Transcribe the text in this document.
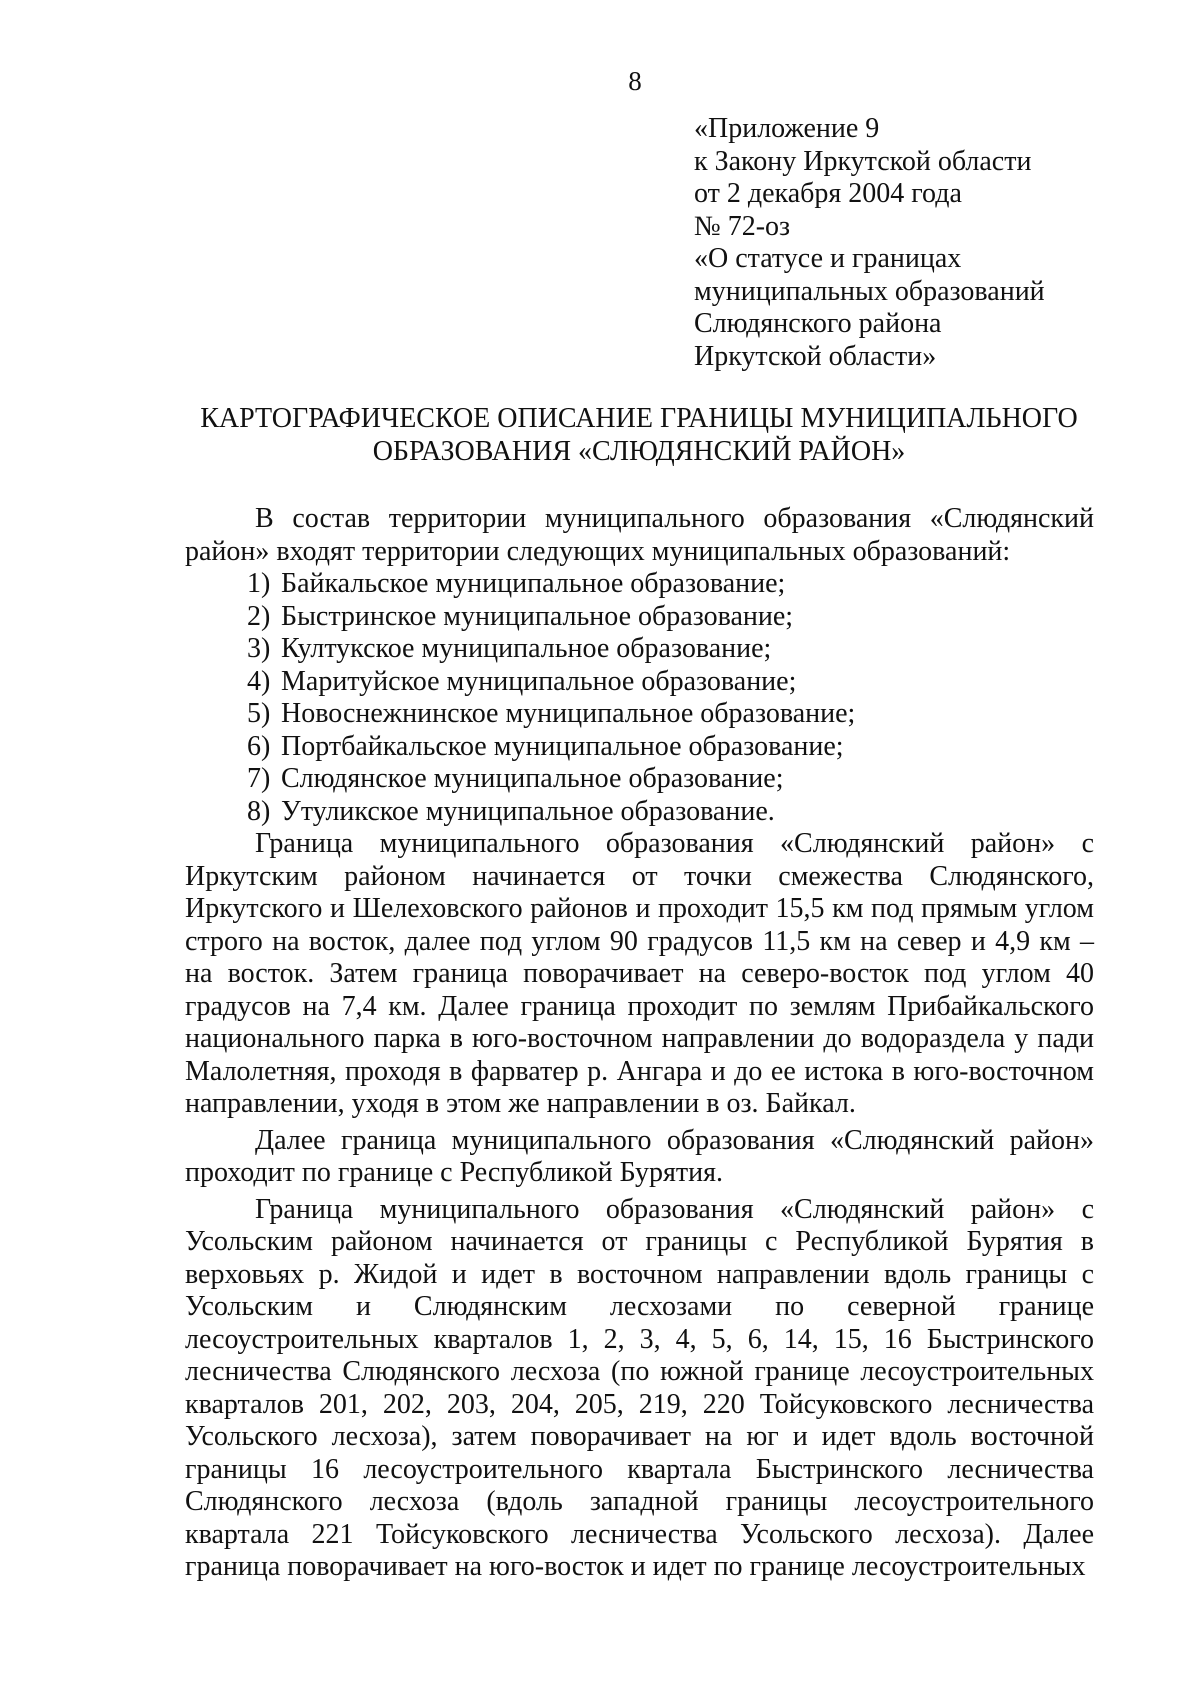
8
«Приложение 9
к Закону Иркутской области
от 2 декабря 2004 года
№ 72-оз
«О статусе и границах
муниципальных образований
Слюдянского района
Иркутской области»
КАРТОГРАФИЧЕСКОЕ ОПИСАНИЕ ГРАНИЦЫ МУНИЦИПАЛЬНОГО
ОБРАЗОВАНИЯ «СЛЮДЯНСКИЙ РАЙОН»

В состав территории муниципального образования «Слюдянский район» входят территории следующих муниципальных образований:

1) Байкальское муниципальное образование;
2) Быстринское муниципальное образование;
3) Култукское муниципальное образование;
4) Маритуйское муниципальное образование;
5) Новоснежнинское муниципальное образование;
6) Портбайкальское муниципальное образование;
7) Слюдянское муниципальное образование;
8) Утуликское муниципальное образование.

Граница муниципального образования «Слюдянский район» с Иркутским районом начинается от точки смежества Слюдянского, Иркутского и Шелеховского районов и проходит 15,5 км под прямым углом строго на восток, далее под углом 90 градусов 11,5 км на север и 4,9 км – на восток. Затем граница поворачивает на северо-восток под углом 40 градусов на 7,4 км. Далее граница проходит по землям Прибайкальского национального парка в юго-восточном направлении до водораздела у пади Малолетняя, проходя в фарватер р. Ангара и до ее истока в юго-восточном направлении, уходя в этом же направлении в оз. Байкал.

Далее граница муниципального образования «Слюдянский район» проходит по границе с Республикой Бурятия.

Граница муниципального образования «Слюдянский район» с Усольским районом начинается от границы с Республикой Бурятия в верховьях р. Жидой и идет в восточном направлении вдоль границы с Усольским и Слюдянским лесхозами по северной границе лесоустроительных кварталов 1, 2, 3, 4, 5, 6, 14, 15, 16 Быстринского лесничества Слюдянского лесхоза (по южной границе лесоустроительных кварталов 201, 202, 203, 204, 205, 219, 220 Тойсуковского лесничества Усольского лесхоза), затем поворачивает на юг и идет вдоль восточной границы 16 лесоустроительного квартала Быстринского лесничества Слюдянского лесхоза (вдоль западной границы лесоустроительного квартала 221 Тойсуковского лесничества Усольского лесхоза). Далее граница поворачивает на юго-восток и идет по границе лесоустроительных
